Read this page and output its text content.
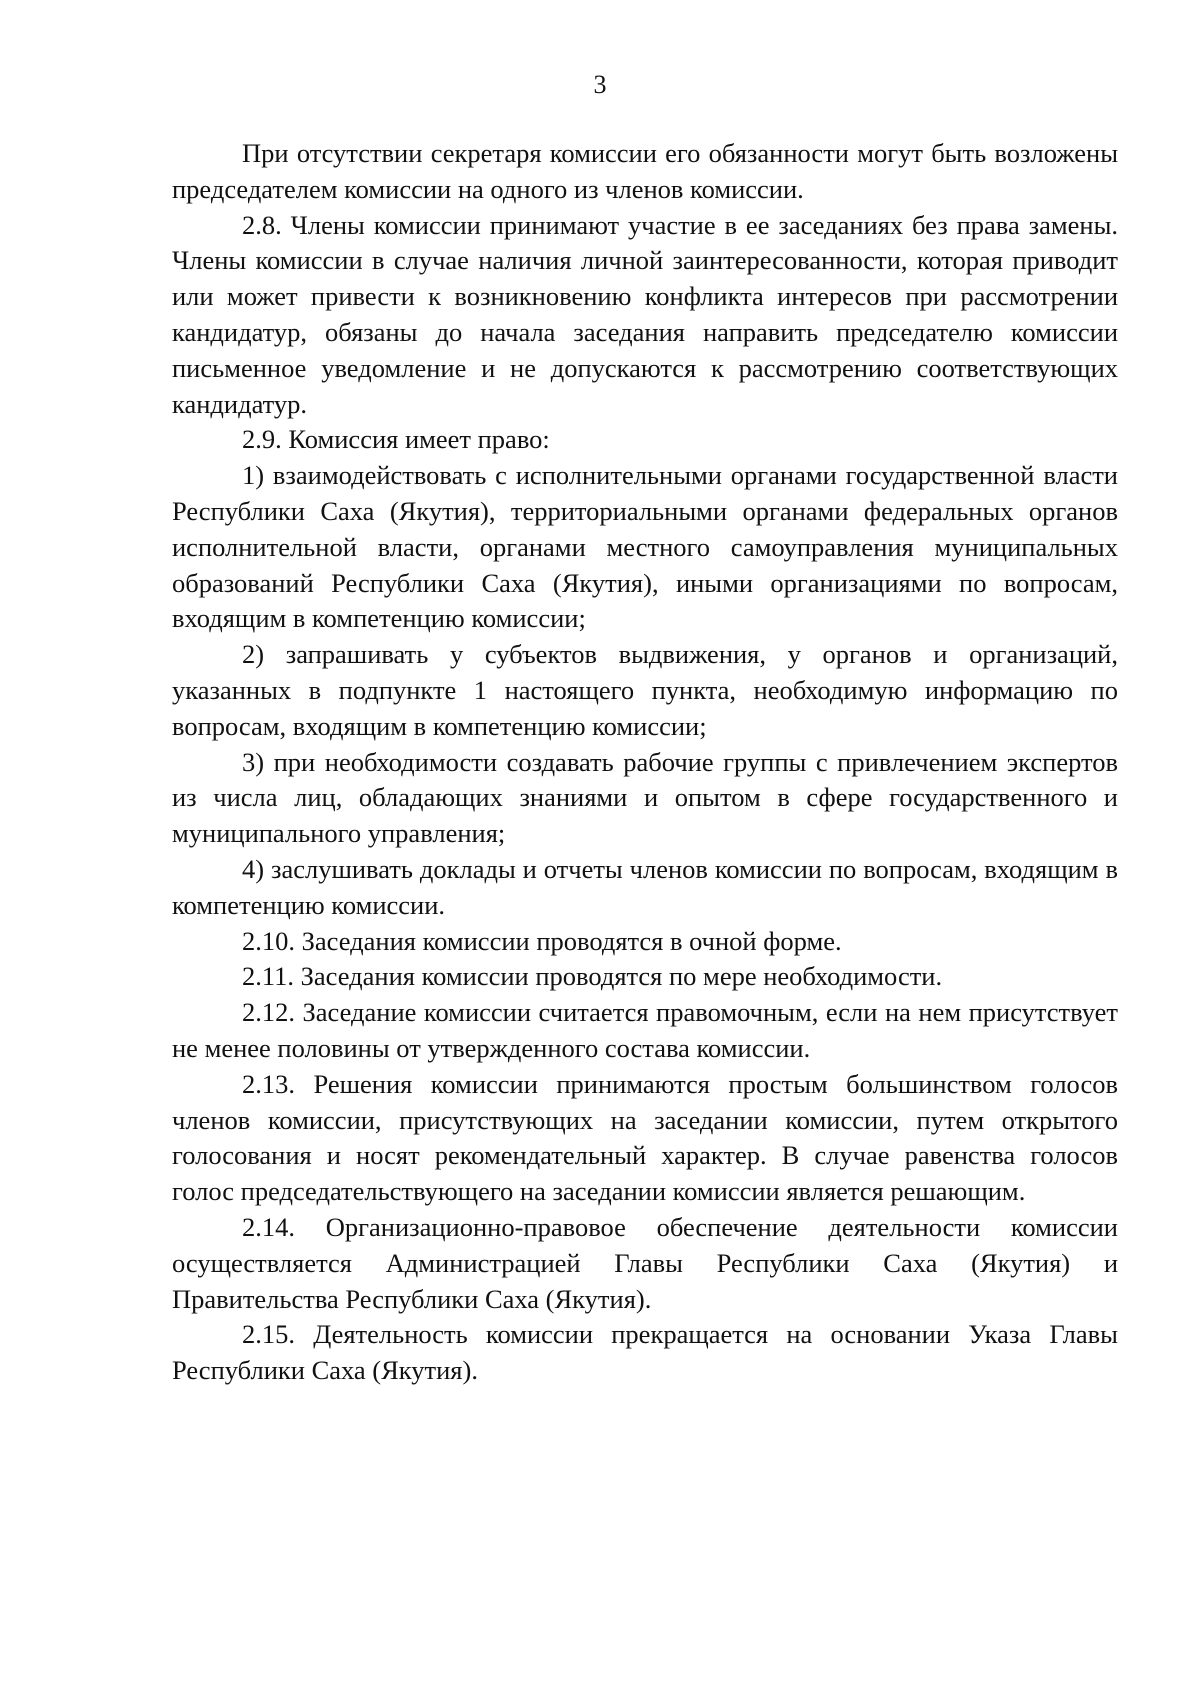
3

При отсутствии секретаря комиссии его обязанности могут быть возложены председателем комиссии на одного из членов комиссии.

2.8. Члены комиссии принимают участие в ее заседаниях без права замены. Члены комиссии в случае наличия личной заинтересованности, которая приводит или может привести к возникновению конфликта интересов при рассмотрении кандидатур, обязаны до начала заседания направить председателю комиссии письменное уведомление и не допускаются к рассмотрению соответствующих кандидатур.

2.9. Комиссия имеет право:

1) взаимодействовать с исполнительными органами государственной власти Республики Саха (Якутия), территориальными органами федеральных органов исполнительной власти, органами местного самоуправления муниципальных образований Республики Саха (Якутия), иными организациями по вопросам, входящим в компетенцию комиссии;

2) запрашивать у субъектов выдвижения, у органов и организаций, указанных в подпункте 1 настоящего пункта, необходимую информацию по вопросам, входящим в компетенцию комиссии;

3) при необходимости создавать рабочие группы с привлечением экспертов из числа лиц, обладающих знаниями и опытом в сфере государственного и муниципального управления;

4) заслушивать доклады и отчеты членов комиссии по вопросам, входящим в компетенцию комиссии.

2.10. Заседания комиссии проводятся в очной форме.

2.11. Заседания комиссии проводятся по мере необходимости.

2.12. Заседание комиссии считается правомочным, если на нем присутствует не менее половины от утвержденного состава комиссии.

2.13. Решения комиссии принимаются простым большинством голосов членов комиссии, присутствующих на заседании комиссии, путем открытого голосования и носят рекомендательный характер. В случае равенства голосов голос председательствующего на заседании комиссии является решающим.

2.14. Организационно-правовое обеспечение деятельности комиссии осуществляется Администрацией Главы Республики Саха (Якутия) и Правительства Республики Саха (Якутия).

2.15. Деятельность комиссии прекращается на основании Указа Главы Республики Саха (Якутия).
